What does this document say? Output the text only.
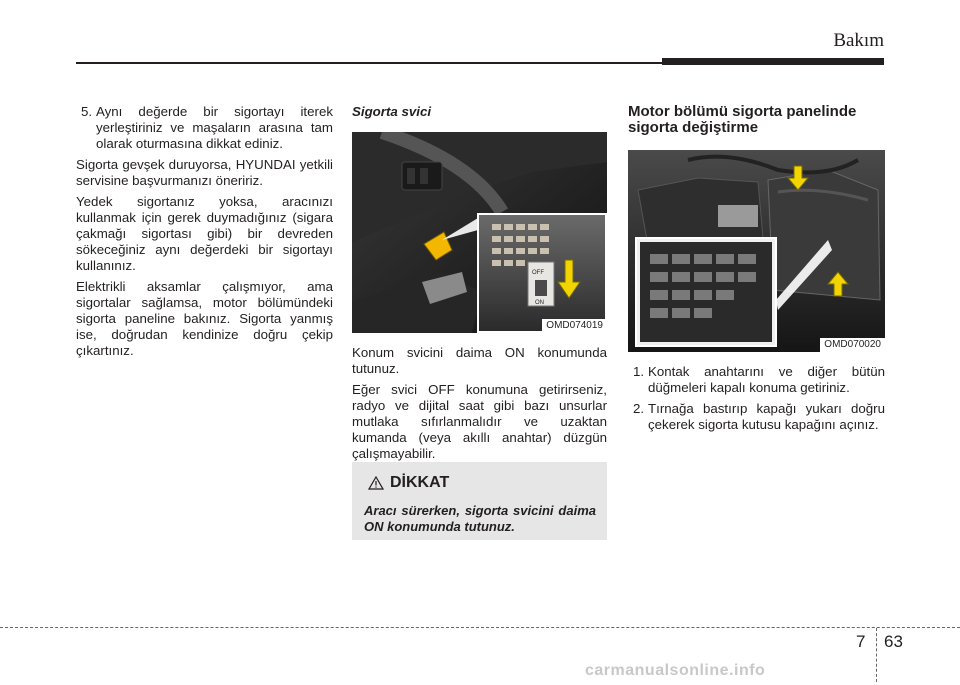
Bakım
5. Aynı değerde bir sigortayı iterek yerleştiriniz ve maşaların arasına tam olarak oturmasına dikkat ediniz.

Sigorta gevşek duruyorsa, HYUNDAI yetkili servisine başvurmanızı öneririz.

Yedek sigortanız yoksa, aracınızı kullanmak için gerek duymadığınız (sigara çakmağı sigortası gibi) bir devreden sökeceğiniz aynı değerdeki bir sigortayı kullanınız.

Elektrikli aksamlar çalışmıyor, ama sigortalar sağlamsa, motor bölümündeki sigorta paneline bakınız. Sigorta yanmış ise, doğrudan kendinize doğru çekip çıkartınız.

Sigorta svici
OFF
ON
OMD074019

Konum svicini daima ON konumunda tutunuz.

Eğer svici OFF konumuna getirirseniz, radyo ve dijital saat gibi bazı unsurlar mutlaka sıfırlanmalıdır ve uzaktan kumanda (veya akıllı anahtar) düzgün çalışmayabilir.

DİKKAT
Aracı sürerken, sigorta svicini daima ON konumunda tutunuz.
Motor bölümü sigorta panelinde sigorta değiştirme
OMD070020
1. Kontak anahtarını ve diğer bütün düğmeleri kapalı konuma getiriniz.
2. Tırnağa bastırıp kapağı yukarı doğru çekerek sigorta kutusu kapağını açınız.
7 63
carmanualsonline.info
